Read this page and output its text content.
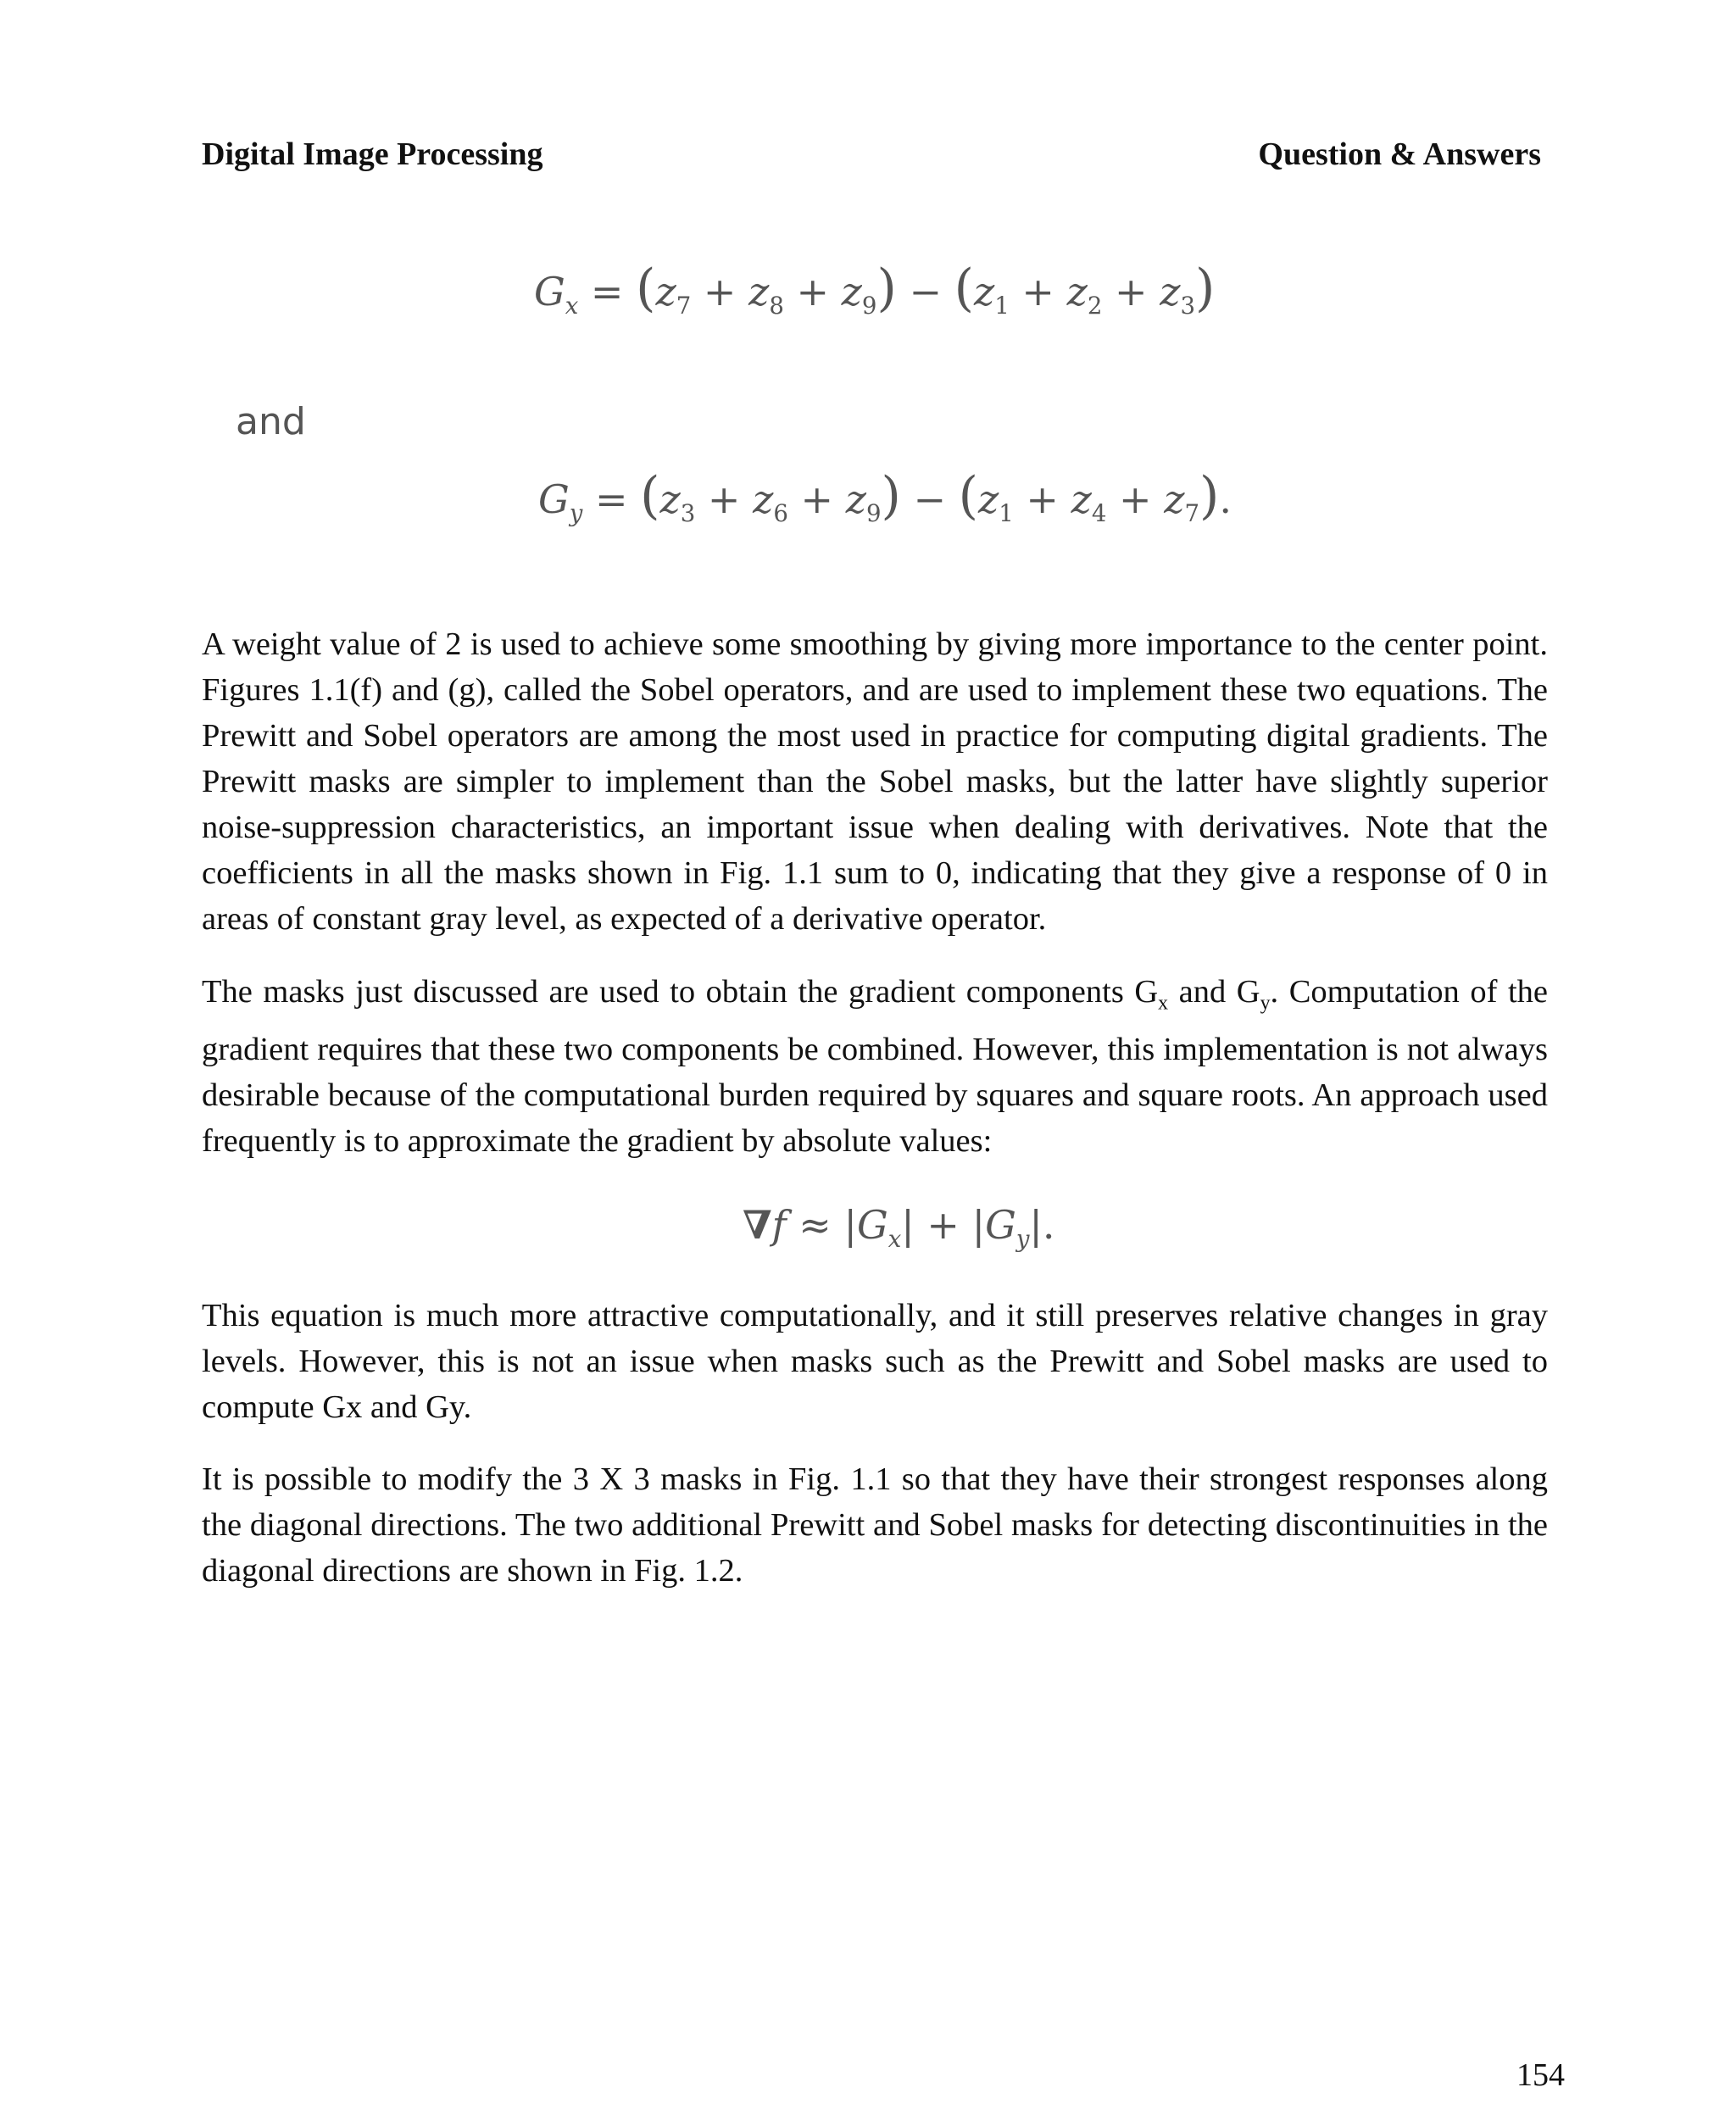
Digital Image Processing	Question & Answers
$G_x = (z_7 + z_8 + z_9) - (z_1 + z_2 + z_3)$
and
$G_y = (z_3 + z_6 + z_9) - (z_1 + z_4 + z_7)$.

A weight value of 2 is used to achieve some smoothing by giving more importance to the center point. Figures 1.1(f) and (g), called the Sobel operators, and are used to implement these two equations. The Prewitt and Sobel operators are among the most used in practice for computing digital gradients. The Prewitt masks are simpler to implement than the Sobel masks, but the latter have slightly superior noise-suppression characteristics, an important issue when dealing with derivatives. Note that the coefficients in all the masks shown in Fig. 1.1 sum to 0, indicating that they give a response of 0 in areas of constant gray level, as expected of a derivative operator.

The masks just discussed are used to obtain the gradient components $G_x$ and $G_y$. Computation of the gradient requires that these two components be combined. However, this implementation is not always desirable because of the computational burden required by squares and square roots. An approach used frequently is to approximate the gradient by absolute values:

$\nabla f \approx |G_x| + |G_y|$.

This equation is much more attractive computationally, and it still preserves relative changes in gray levels. However, this is not an issue when masks such as the Prewitt and Sobel masks are used to compute Gx and Gy.

It is possible to modify the 3 X 3 masks in Fig. 1.1 so that they have their strongest responses along the diagonal directions. The two additional Prewitt and Sobel masks for detecting discontinuities in the diagonal directions are shown in Fig. 1.2.

154
